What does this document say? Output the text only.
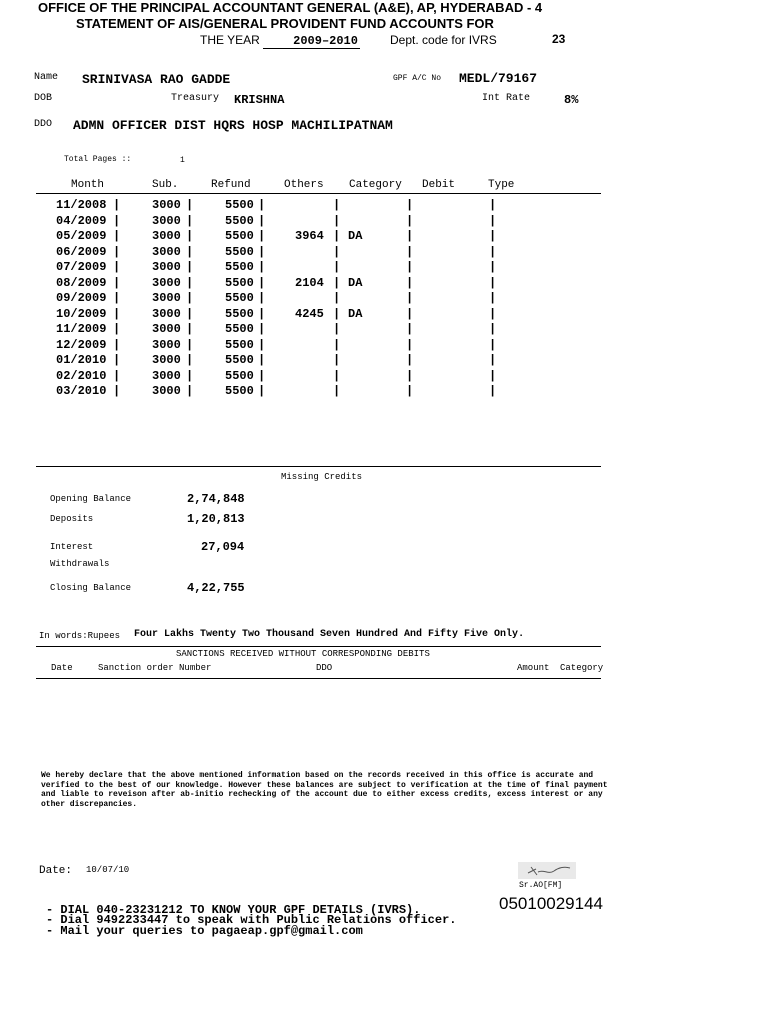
OFFICE OF THE PRINCIPAL ACCOUNTANT GENERAL (A&E), AP, HYDERABAD - 4
STATEMENT OF AIS/GENERAL PROVIDENT FUND ACCOUNTS FOR
THE YEAR	2009–2010	Dept. code for IVRS	23
Name SRINIVASA RAO GADDE	GPF A/C No MEDL/79167
DOB	Treasury KRISHNA	Int Rate	8%
DDO ADMN OFFICER DIST HQRS HOSP MACHILIPATNAM
Total Pages ::	1
Month	Sub.	Refund	Others Category Debit	Type
11/2008 |	3000 |	5500 |	|	|	|
04/2009 |	3000 |	5500 |	|	|	|
05/2009 |	3000 |	5500 | 3964 | DA	|	|
06/2009 |	3000 |	5500 |	|	|	|
07/2009 |	3000 |	5500 |	|	|	|
08/2009 |	3000 |	5500 | 2104 | DA	|	|
09/2009 |	3000 |	5500 |	|	|	|
10/2009 |	3000 |	5500 | 4245 | DA	|	|
11/2009 |	3000 |	5500 |	|	|	|
12/2009 |	3000 |	5500 |	|	|	|
01/2010 |	3000 |	5500 |	|	|	|
02/2010 |	3000 |	5500 |	|	|	|
03/2010 |	3000 |	5500 |	|	|	|
Missing Credits
Opening Balance	2,74,848
Deposits	1,20,813
Interest	27,094
Withdrawals
Closing Balance	4,22,755
In words:Rupees Four Lakhs Twenty Two Thousand Seven Hundred And Fifty Five Only.
SANCTIONS RECEIVED WITHOUT CORRESPONDING DEBITS
Date	Sanction order Number	DDO	Amount Category
We hereby declare that the above mentioned information based on the records received in this office is accurate and verified to the best of our knowledge. However these balances are subject to verification at the time of final payment and liable to reveison after ab-initio rechecking of the account due to either excess credits, excess interest or any other discrepancies.
Date: 10/07/10
Sr.AO[FM]
05010029144
- DIAL 040-23231212 TO KNOW YOUR GPF DETAILS (IVRS).
- Dial 9492233447 to speak with Public Relations officer.
- Mail your queries to pagaeap.gpf@gmail.com
